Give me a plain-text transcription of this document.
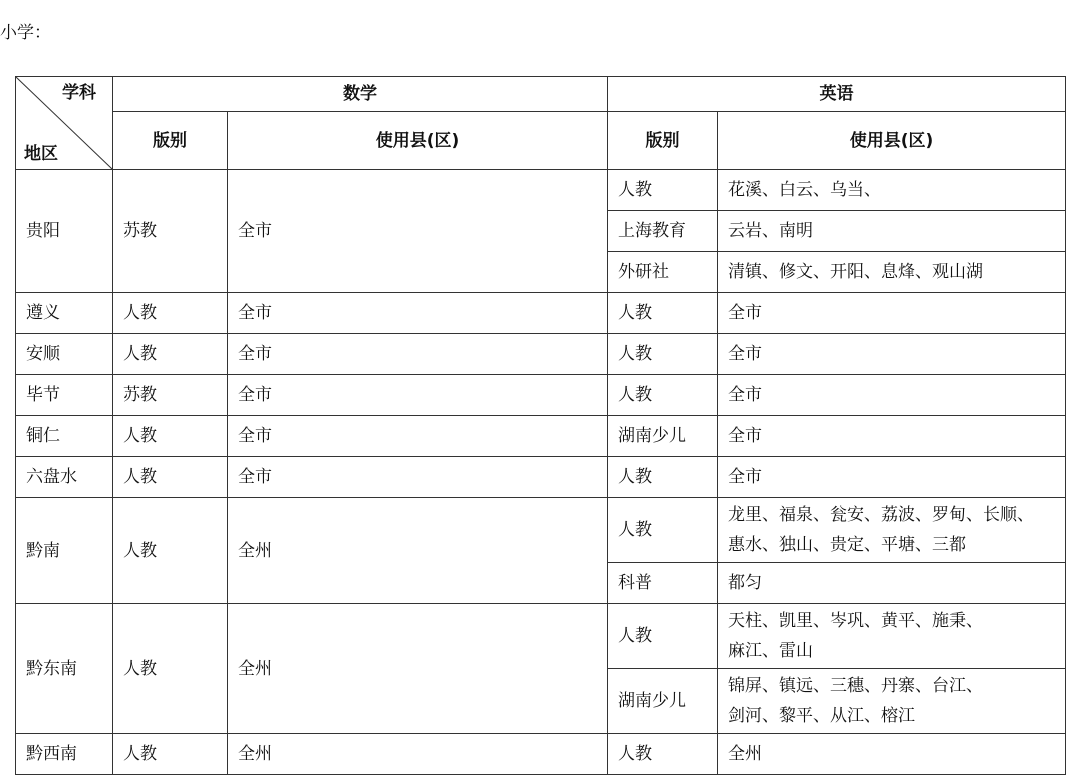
小学：
学科
地区	数学		英语	
	版别	使用县(区)	版别	使用县(区)
贵阳	苏教	全市	人教	花溪、白云、乌当、
			上海教育	云岩、南明
			外研社	清镇、修文、开阳、息烽、观山湖
遵义	人教	全市	人教	全市
安顺	人教	全市	人教	全市
毕节	苏教	全市	人教	全市
铜仁	人教	全市	湖南少儿	全市
六盘水	人教	全市	人教	全市
黔南	人教	全州	人教	龙里、福泉、瓮安、荔波、罗甸、长顺、
惠水、独山、贵定、平塘、三都

			科普	都匀
黔东南	人教	全州	人教	天柱、凯里、岑巩、黄平、施秉、
麻江、雷山

			湖南少儿	锦屏、镇远、三穗、丹寨、台江、
剑河、黎平、从江、榕江

黔西南	人教	全州	人教	全州
